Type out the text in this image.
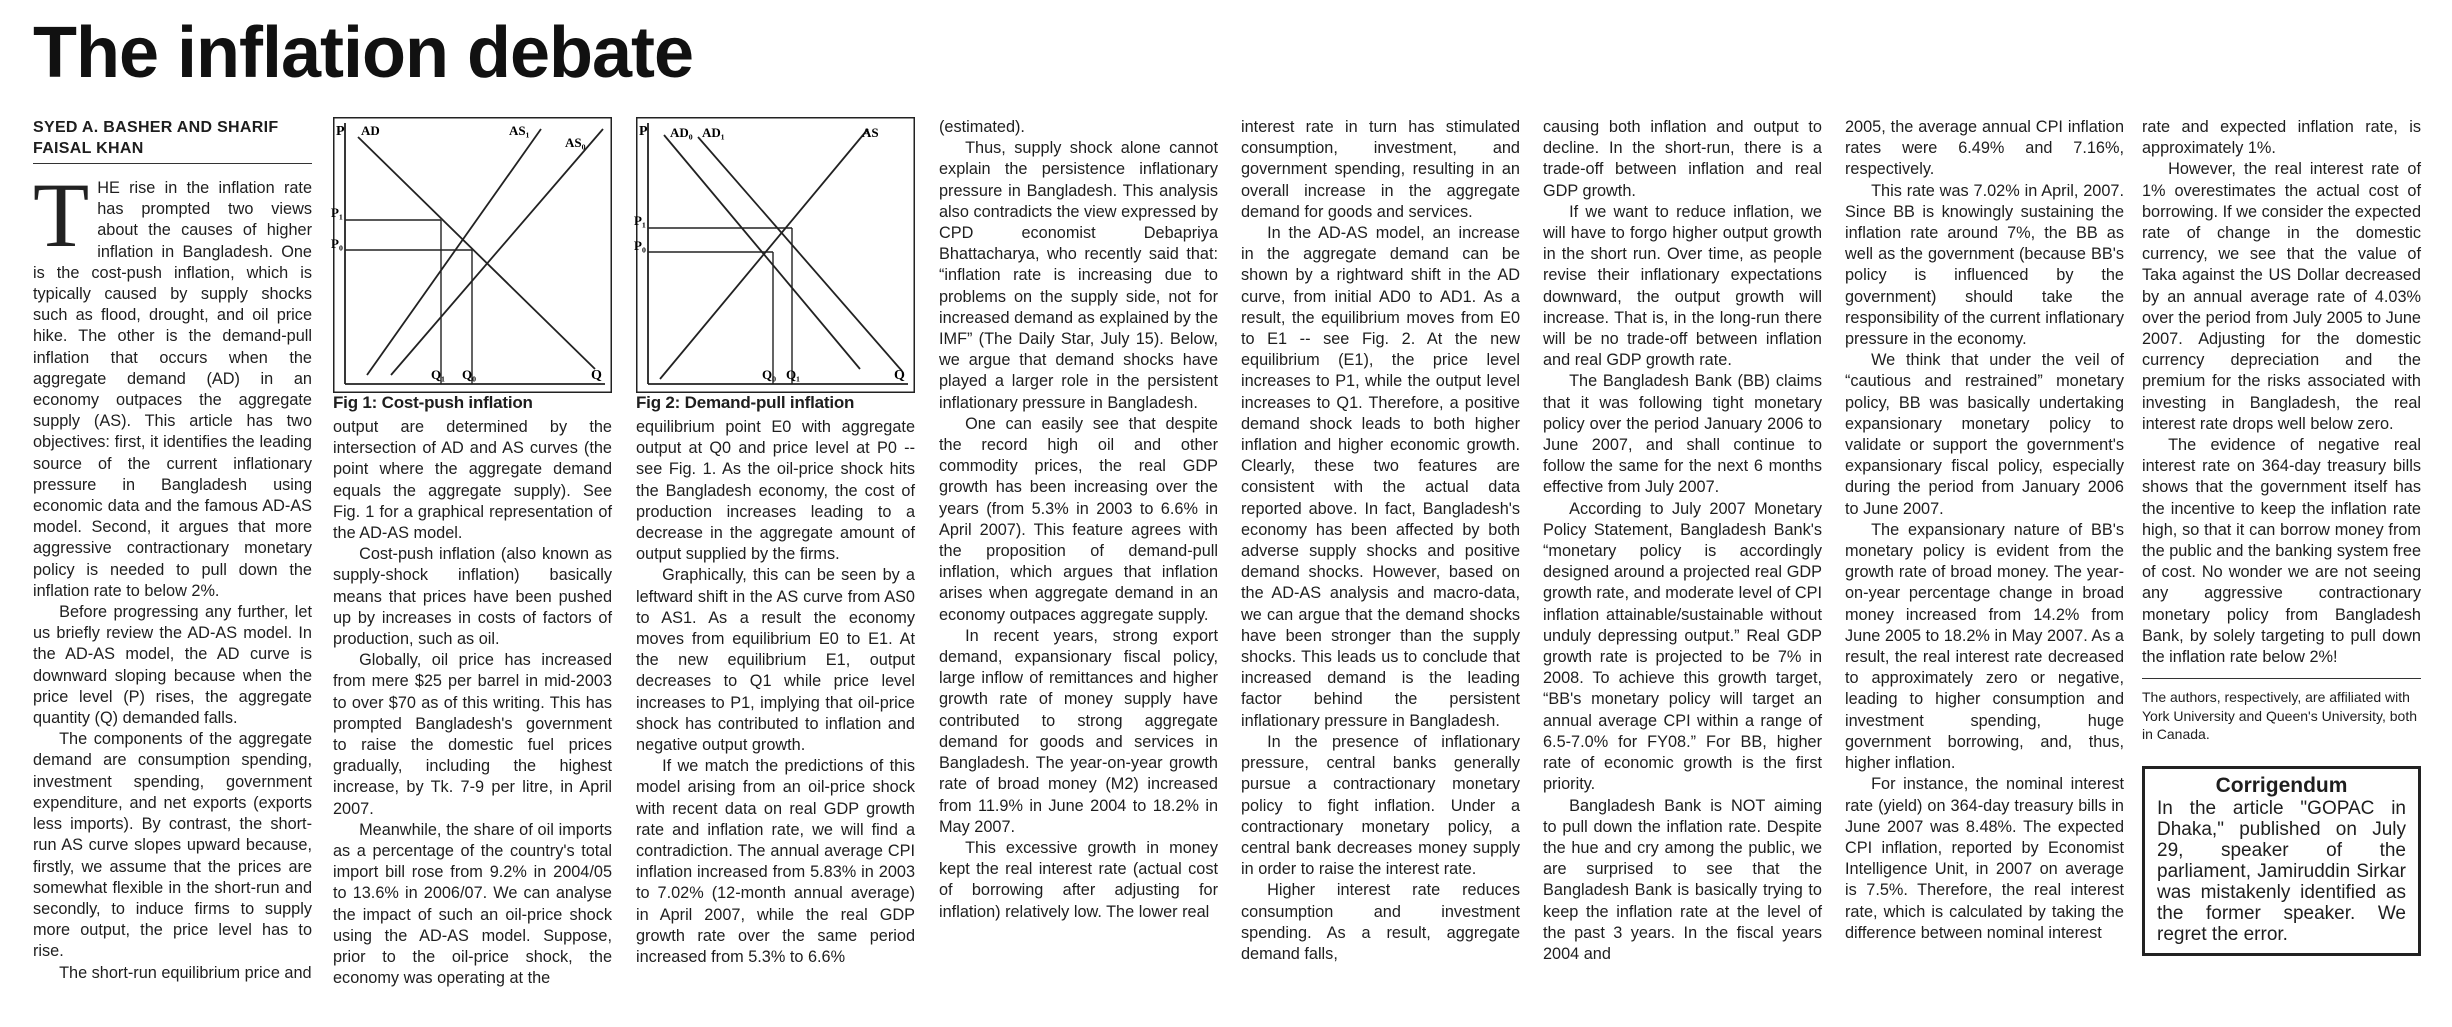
The inflation debate
SYED A. BASHER AND SHARIF FAISAL KHAN

THE rise in the inflation rate has prompted two views about the causes of higher inflation in Bangladesh. One is the cost-push inflation, which is typically caused by supply shocks such as flood, drought, and oil price hike. The other is the demand-pull inflation that occurs when the aggregate demand (AD) in an economy outpaces the aggregate supply (AS). This article has two objectives: first, it identifies the leading source of the current inflationary pressure in Bangladesh using economic data and the famous AD-AS model. Second, it argues that more aggressive contractionary monetary policy is needed to pull down the inflation rate to below 2%.

Before progressing any further, let us briefly review the AD-AS model. In the AD-AS model, the AD curve is downward sloping because when the price level (P) rises, the aggregate quantity (Q) demanded falls.

The components of the aggregate demand are consumption spending, investment spending, government expenditure, and net exports (exports less imports). By contrast, the short-run AS curve slopes upward because, firstly, we assume that the prices are somewhat flexible in the short-run and secondly, to induce firms to supply more output, the price level has to rise.

The short-run equilibrium price and

P AD	AS₁
AS₀
P₁
P₀
Q₁ Q₀	Q
Fig 1: Cost-push inflation

output are determined by the intersection of AD and AS curves (the point where the aggregate demand equals the aggregate supply). See Fig. 1 for a graphical representation of the AD-AS model.

Cost-push inflation (also known as supply-shock inflation) basically means that prices have been pushed up by increases in costs of factors of production, such as oil.

Globally, oil price has increased from mere $25 per barrel in mid-2003 to over $70 as of this writing. This has prompted Bangladesh's government to raise the domestic fuel prices gradually, including the highest increase, by Tk. 7-9 per litre, in April 2007.

Meanwhile, the share of oil imports as a percentage of the country's total import bill rose from 9.2% in 2004/05 to 13.6% in 2006/07. We can analyse the impact of such an oil-price shock using the AD-AS model. Suppose, prior to the oil-price shock, the economy was operating at the

P AD₀ AD₁	AS
P₁
P₀
Q₀ Q₁	Q
Fig 2: Demand-pull inflation

equilibrium point E0 with aggregate output at Q0 and price level at P0 -- see Fig. 1. As the oil-price shock hits the Bangladesh economy, the cost of production increases leading to a decrease in the aggregate amount of output supplied by the firms.

Graphically, this can be seen by a leftward shift in the AS curve from AS0 to AS1. As a result the economy moves from equilibrium E0 to E1. At the new equilibrium E1, output decreases to Q1 while price level increases to P1, implying that oil-price shock has contributed to inflation and negative output growth.

If we match the predictions of this model arising from an oil-price shock with recent data on real GDP growth rate and inflation rate, we will find a contradiction. The annual average CPI inflation increased from 5.83% in 2003 to 7.02% (12-month annual average) in April 2007, while the real GDP growth rate over the same period increased from 5.3% to 6.6%

(estimated).

Thus, supply shock alone cannot explain the persistence inflationary pressure in Bangladesh. This analysis also contradicts the view expressed by CPD economist Debapriya Bhattacharya, who recently said that: “inflation rate is increasing due to problems on the supply side, not for increased demand as explained by the IMF” (The Daily Star, July 15). Below, we argue that demand shocks have played a larger role in the persistent inflationary pressure in Bangladesh.

One can easily see that despite the record high oil and other commodity prices, the real GDP growth has been increasing over the years (from 5.3% in 2003 to 6.6% in April 2007). This feature agrees with the proposition of demand-pull inflation, which argues that inflation arises when aggregate demand in an economy outpaces aggregate supply.

In recent years, strong export demand, expansionary fiscal policy, large inflow of remittances and higher growth rate of money supply have contributed to strong aggregate demand for goods and services in Bangladesh. The year-on-year growth rate of broad money (M2) increased from 11.9% in June 2004 to 18.2% in May 2007.

This excessive growth in money kept the real interest rate (actual cost of borrowing after adjusting for inflation) relatively low. The lower real

interest rate in turn has stimulated consumption, investment, and government spending, resulting in an overall increase in the aggregate demand for goods and services.

In the AD-AS model, an increase in the aggregate demand can be shown by a rightward shift in the AD curve, from initial AD0 to AD1. As a result, the equilibrium moves from E0 to E1 -- see Fig. 2. At the new equilibrium (E1), the price level increases to P1, while the output level increases to Q1. Therefore, a positive demand shock leads to both higher inflation and higher economic growth. Clearly, these two features are consistent with the actual data reported above. In fact, Bangladesh's economy has been affected by both adverse supply shocks and positive demand shocks. However, based on the AD-AS analysis and macro-data, we can argue that the demand shocks have been stronger than the supply shocks. This leads us to conclude that increased demand is the leading factor behind the persistent inflationary pressure in Bangladesh.

In the presence of inflationary pressure, central banks generally pursue a contractionary monetary policy to fight inflation. Under a contractionary monetary policy, a central bank decreases money supply in order to raise the interest rate.

Higher interest rate reduces consumption and investment spending. As a result, aggregate demand falls,

causing both inflation and output to decline. In the short-run, there is a trade-off between inflation and real GDP growth.

If we want to reduce inflation, we will have to forgo higher output growth in the short run. Over time, as people revise their inflationary expectations downward, the output growth will increase. That is, in the long-run there will be no trade-off between inflation and real GDP growth rate.

The Bangladesh Bank (BB) claims that it was following tight monetary policy over the period January 2006 to June 2007, and shall continue to follow the same for the next 6 months effective from July 2007.

According to July 2007 Monetary Policy Statement, Bangladesh Bank's “monetary policy is accordingly designed around a projected real GDP growth rate, and moderate level of CPI inflation attainable/sustainable without unduly depressing output.” Real GDP growth rate is projected to be 7% in 2008. To achieve this growth target, “BB's monetary policy will target an annual average CPI within a range of 6.5-7.0% for FY08.” For BB, higher rate of economic growth is the first priority.

Bangladesh Bank is NOT aiming to pull down the inflation rate. Despite the hue and cry among the public, we are surprised to see that the Bangladesh Bank is basically trying to keep the inflation rate at the level of the past 3 years. In the fiscal years 2004 and

2005, the average annual CPI inflation rates were 6.49% and 7.16%, respectively.

This rate was 7.02% in April, 2007. Since BB is knowingly sustaining the inflation rate around 7%, the BB as well as the government (because BB's policy is influenced by the government) should take the responsibility of the current inflationary pressure in the economy.

We think that under the veil of “cautious and restrained” monetary policy, BB was basically undertaking expansionary monetary policy to validate or support the government's expansionary fiscal policy, especially during the period from January 2006 to June 2007.

The expansionary nature of BB's monetary policy is evident from the growth rate of broad money. The year-on-year percentage change in broad money increased from 14.2% from June 2005 to 18.2% in May 2007. As a result, the real interest rate decreased to approximately zero or negative, leading to higher consumption and investment spending, huge government borrowing, and, thus, higher inflation.

For instance, the nominal interest rate (yield) on 364-day treasury bills in June 2007 was 8.48%. The expected CPI inflation, reported by Economist Intelligence Unit, in 2007 on average is 7.5%. Therefore, the real interest rate, which is calculated by taking the difference between nominal interest

rate and expected inflation rate, is approximately 1%.

However, the real interest rate of 1% overestimates the actual cost of borrowing. If we consider the expected rate of change in the domestic currency, we see that the value of Taka against the US Dollar decreased by an annual average rate of 4.03% over the period from July 2005 to June 2007. Adjusting for the domestic currency depreciation and the premium for the risks associated with investing in Bangladesh, the real interest rate drops well below zero.

The evidence of negative real interest rate on 364-day treasury bills shows that the government itself has the incentive to keep the inflation rate high, so that it can borrow money from the public and the banking system free of cost. No wonder we are not seeing any aggressive contractionary monetary policy from Bangladesh Bank, by solely targeting to pull down the inflation rate below 2%!

The authors, respectively, are affiliated with York University and Queen's University, both in Canada.
Corrigendum
In the article "GOPAC in Dhaka," published on July 29, speaker of the parliament, Jamiruddin Sirkar was mistakenly identified as the former speaker. We regret the error.
